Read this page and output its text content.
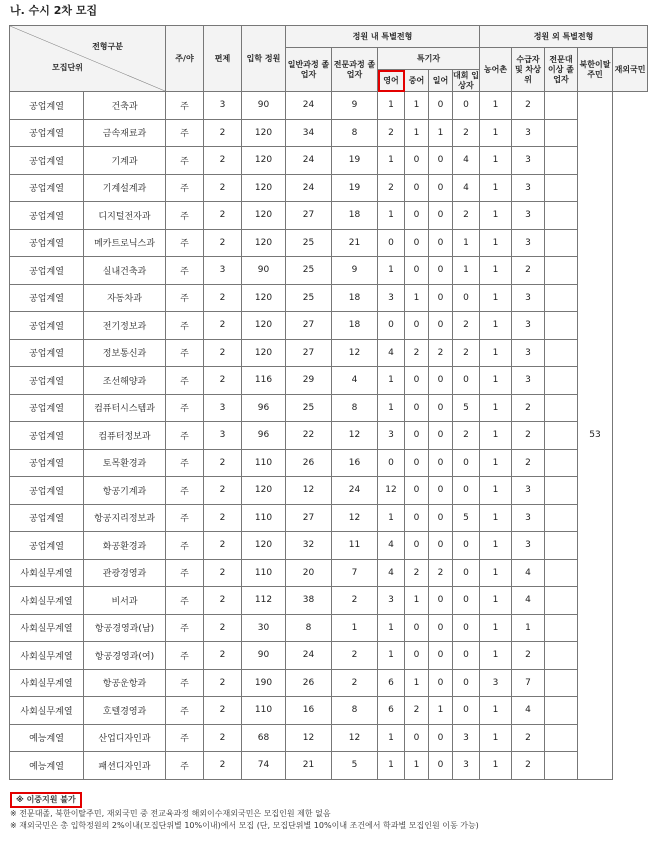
나. 수시 2차 모집
전형구분
모집단위		주/야	편제	입학 정원	정원 내 특별전형						정원 외 특별전형				
					일반과정 졸업자	전문과정 졸업자	특기자				농어촌	수급자 및 차상위	전문대 이상 졸업자	북한이탈 주민	재외국민
							영어	중어	일어	대회 입상자					
공업계열	건축과	주	3	90	24	9	1	1	0	0	1	2		53	
공업계열	금속재료과	주	2	120	34	8	2	1	1	2	1	3			
공업계열	기계과	주	2	120	24	19	1	0	0	4	1	3			
공업계열	기계설계과	주	2	120	24	19	2	0	0	4	1	3			
공업계열	디지털전자과	주	2	120	27	18	1	0	0	2	1	3			
공업계열	메카트로닉스과	주	2	120	25	21	0	0	0	1	1	3			
공업계열	실내건축과	주	3	90	25	9	1	0	0	1	1	2			
공업계열	자동차과	주	2	120	25	18	3	1	0	0	1	3			
공업계열	전기정보과	주	2	120	27	18	0	0	0	2	1	3			
공업계열	정보통신과	주	2	120	27	12	4	2	2	2	1	3			
공업계열	조선해양과	주	2	116	29	4	1	0	0	0	1	3			
공업계열	컴퓨터시스템과	주	3	96	25	8	1	0	0	5	1	2			
공업계열	컴퓨터정보과	주	3	96	22	12	3	0	0	2	1	2			
공업계열	토목환경과	주	2	110	26	16	0	0	0	0	1	2			
공업계열	항공기계과	주	2	120	12	24	12	0	0	0	1	3			
공업계열	항공지리정보과	주	2	110	27	12	1	0	0	5	1	3			
공업계열	화공환경과	주	2	120	32	11	4	0	0	0	1	3			
사회실무계열	관광경영과	주	2	110	20	7	4	2	2	0	1	4			
사회실무계열	비서과	주	2	112	38	2	3	1	0	0	1	4			
사회실무계열	항공경영과(남)	주	2	30	8	1	1	0	0	0	1	1			
사회실무계열	항공경영과(여)	주	2	90	24	2	1	0	0	0	1	2			
사회실무계열	항공운항과	주	2	190	26	2	6	1	0	0	3	7			
사회실무계열	호텔경영과	주	2	110	16	8	6	2	1	0	1	4			
예능계열	산업디자인과	주	2	68	12	12	1	0	0	3	1	2			
예능계열	패션디자인과	주	2	74	21	5	1	1	0	3	1	2			
※ 이중지원 불가
※ 전문대졸, 북한이탈주민, 재외국민 중 전교육과정 해외이수재외국민은 모집인원 제한 없음
※ 재외국민은 총 입학정원의 2%이내(모집단위별 10%이내)에서 모집 (단, 모집단위별 10%이내 조건에서 학과별 모집인원 이동 가능)
